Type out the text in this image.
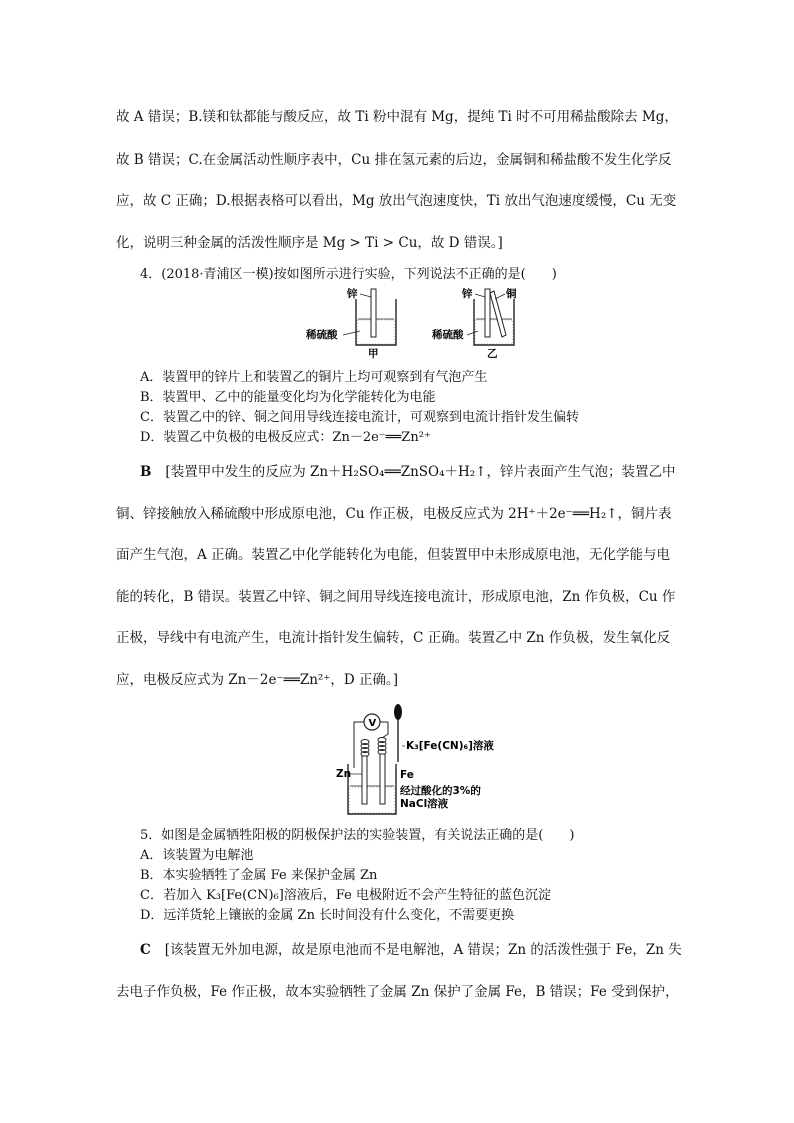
故 A 错误；B.镁和钛都能与酸反应，故 Ti 粉中混有 Mg，提纯 Ti 时不可用稀盐酸除去 Mg，
故 B 错误；C.在金属活动性顺序表中，Cu 排在氢元素的后边，金属铜和稀盐酸不发生化学反
应，故 C 正确；D.根据表格可以看出，Mg 放出气泡速度快，Ti 放出气泡速度缓慢，Cu 无变
化，说明三种金属的活泼性顺序是 Mg > Ti > Cu，故 D 错误。]
4．(2018·青浦区一模)按如图所示进行实验，下列说法不正确的是(　　)
锌
稀硫酸
甲
锌	铜
稀硫酸
乙
A．装置甲的锌片上和装置乙的铜片上均可观察到有气泡产生
B．装置甲、乙中的能量变化均为化学能转化为电能
C．装置乙中的锌、铜之间用导线连接电流计，可观察到电流计指针发生偏转
D．装置乙中负极的电极反应式：Zn－2e⁻══Zn²⁺
B [装置甲中发生的反应为 Zn＋H₂SO₄══ZnSO₄＋H₂↑，锌片表面产生气泡；装置乙中
铜、锌接触放入稀硫酸中形成原电池，Cu 作正极，电极反应式为 2H⁺＋2e⁻══H₂↑，铜片表
面产生气泡，A 正确。装置乙中化学能转化为电能，但装置甲中未形成原电池，无化学能与电
能的转化，B 错误。装置乙中锌、铜之间用导线连接电流计，形成原电池，Zn 作负极，Cu 作
正极，导线中有电流产生，电流计指针发生偏转，C 正确。装置乙中 Zn 作负极，发生氧化反
应，电极反应式为 Zn－2e⁻══Zn²⁺，D 正确。]
V
Zn	Fe
K₃[Fe(CN)₆]溶液
经过酸化的3%的
NaCl溶液
5．如图是金属牺牲阳极的阴极保护法的实验装置，有关说法正确的是(　　)
A．该装置为电解池
B．本实验牺牲了金属 Fe 来保护金属 Zn
C．若加入 K₃[Fe(CN)₆]溶液后，Fe 电极附近不会产生特征的蓝色沉淀
D．远洋货轮上镶嵌的金属 Zn 长时间没有什么变化，不需要更换
C [该装置无外加电源，故是原电池而不是电解池，A 错误；Zn 的活泼性强于 Fe，Zn 失
去电子作负极，Fe 作正极，故本实验牺牲了金属 Zn 保护了金属 Fe，B 错误；Fe 受到保护，
